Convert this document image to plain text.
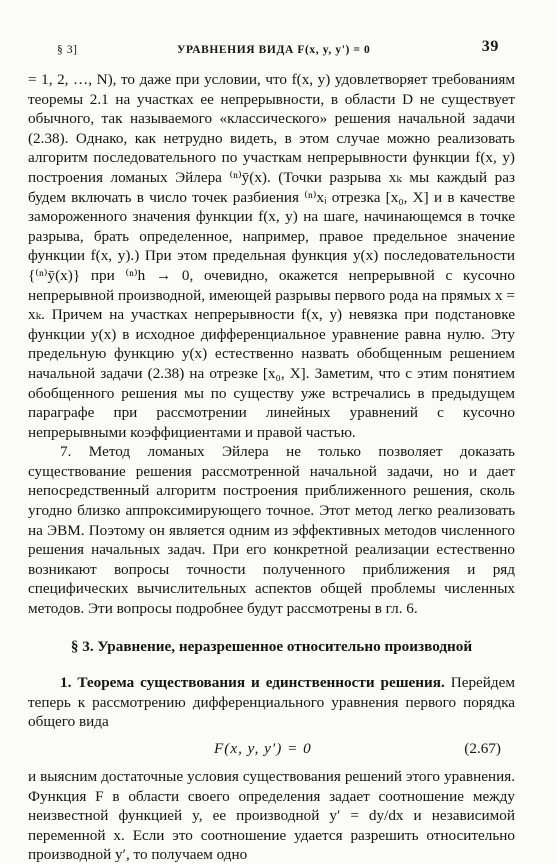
§ 3]	УРАВНЕНИЯ ВИДА F(x, y, y') = 0	39

= 1, 2, …, N), то даже при условии, что f(x, y) удовлетворяет требованиям теоремы 2.1 на участках ее непрерывности, в области D не существует обычного, так называемого «классического» решения начальной задачи (2.38). Однако, как нетрудно видеть, в этом случае можно реализовать алгоритм последовательного по участкам непрерывности функции f(x, y) построения ломаных Эйлера ⁽ⁿ⁾ȳ(x). (Точки разрыва xₖ мы каждый раз будем включать в число точек разбиения ⁽ⁿ⁾xᵢ отрезка [x₀, X] и в качестве замороженного значения функции f(x, y) на шаге, начинающемся в точке разрыва, брать определенное, например, правое предельное значение функции f(x, y).) При этом предельная функция y(x) последовательности {⁽ⁿ⁾ȳ(x)} при ⁽ⁿ⁾h → 0, очевидно, окажется непрерывной с кусочно непрерывной производной, имеющей разрывы первого рода на прямых x = xₖ. Причем на участках непрерывности f(x, y) невязка при подстановке функции y(x) в исходное дифференциальное уравнение равна нулю. Эту предельную функцию y(x) естественно назвать обобщенным решением начальной задачи (2.38) на отрезке [x₀, X]. Заметим, что с этим понятием обобщенного решения мы по существу уже встречались в предыдущем параграфе при рассмотрении линейных уравнений с кусочно непрерывными коэффициентами и правой частью.

7. Метод ломаных Эйлера не только позволяет доказать существование решения рассмотренной начальной задачи, но и дает непосредственный алгоритм построения приближенного решения, сколь угодно близко аппроксимирующего точное. Этот метод легко реализовать на ЭВМ. Поэтому он является одним из эффективных методов численного решения начальных задач. При его конкретной реализации естественно возникают вопросы точности полученного приближения и ряд специфических вычислительных аспектов общей проблемы численных методов. Эти вопросы подробнее будут рассмотрены в гл. 6.

§ 3. Уравнение, неразрешенное относительно производной

1. Теорема существования и единственности решения. Перейдем теперь к рассмотрению дифференциального уравнения первого порядка общего вида

F(x, y, y′) = 0	(2.67)

и выясним достаточные условия существования решений этого уравнения. Функция F в области своего определения задает соотношение между неизвестной функцией y, ее производной y′ = dy/dx и независимой переменной x. Если это соотношение удается разрешить относительно производной y′, то получаем одно
